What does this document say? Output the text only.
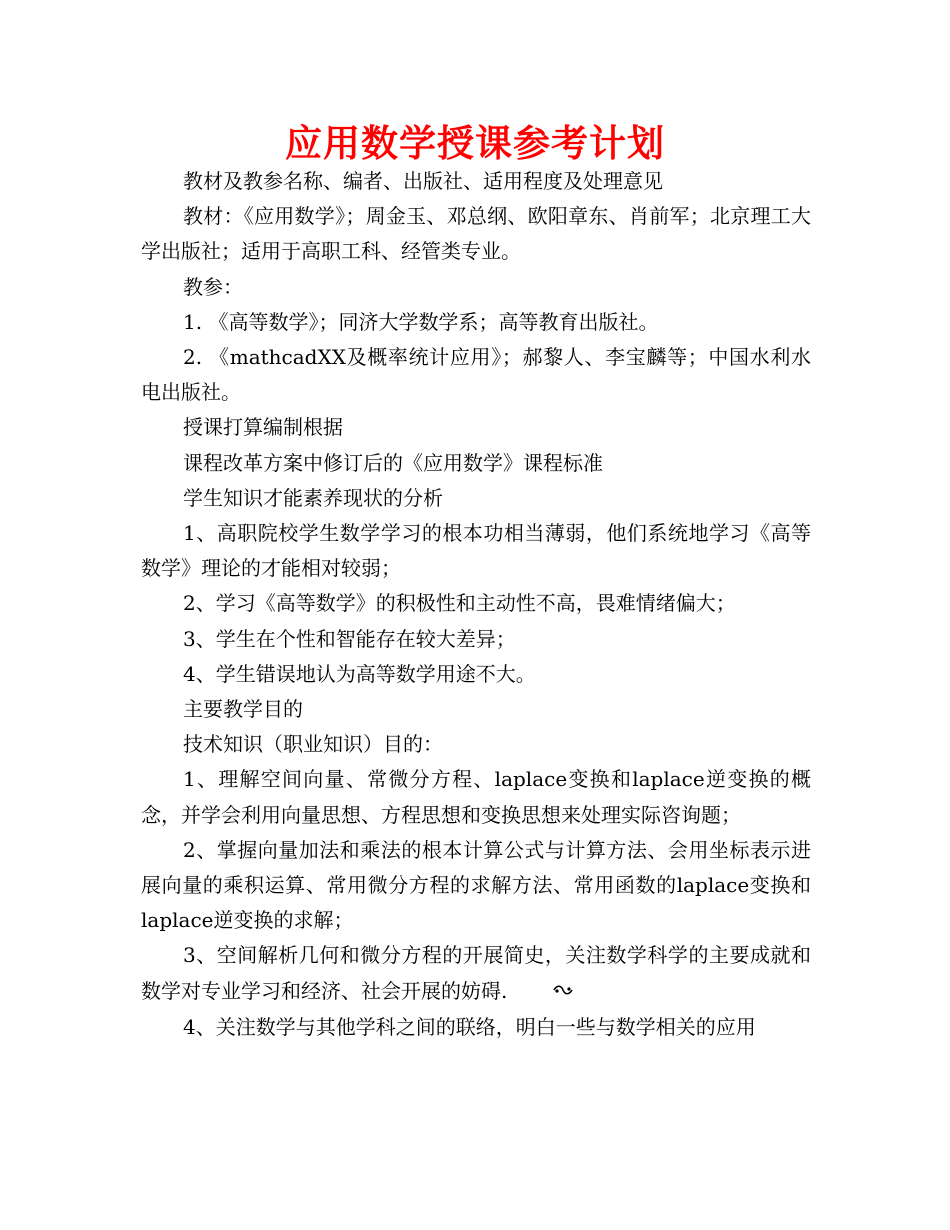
应用数学授课参考计划

教材及教参名称、编者、出版社、适用程度及处理意见

教材：《应用数学》；周金玉、邓总纲、欧阳章东、肖前军；北京理工大学出版社；适用于高职工科、经管类专业。

教参：

1. 《高等数学》；同济大学数学系；高等教育出版社。

2. 《mathcadXX及概率统计应用》；郝黎人、李宝麟等；中国水利水电出版社。

授课打算编制根据

课程改革方案中修订后的《应用数学》课程标准

学生知识才能素养现状的分析

1、高职院校学生数学学习的根本功相当薄弱，他们系统地学习《高等数学》理论的才能相对较弱；

2、学习《高等数学》的积极性和主动性不高，畏难情绪偏大；

3、学生在个性和智能存在较大差异；

4、学生错误地认为高等数学用途不大。

主要教学目的

技术知识（职业知识）目的：

1、理解空间向量、常微分方程、laplace变换和laplace逆变换的概念，并学会利用向量思想、方程思想和变换思想来处理实际咨询题；

2、掌握向量加法和乘法的根本计算公式与计算方法、会用坐标表示进展向量的乘积运算、常用微分方程的求解方法、常用函数的laplace变换和laplace逆变换的求解；

3、空间解析几何和微分方程的开展简史，关注数学科学的主要成就和数学对专业学习和经济、社会开展的妨碍.

4、关注数学与其他学科之间的联络，明白一些与数学相关的应用
